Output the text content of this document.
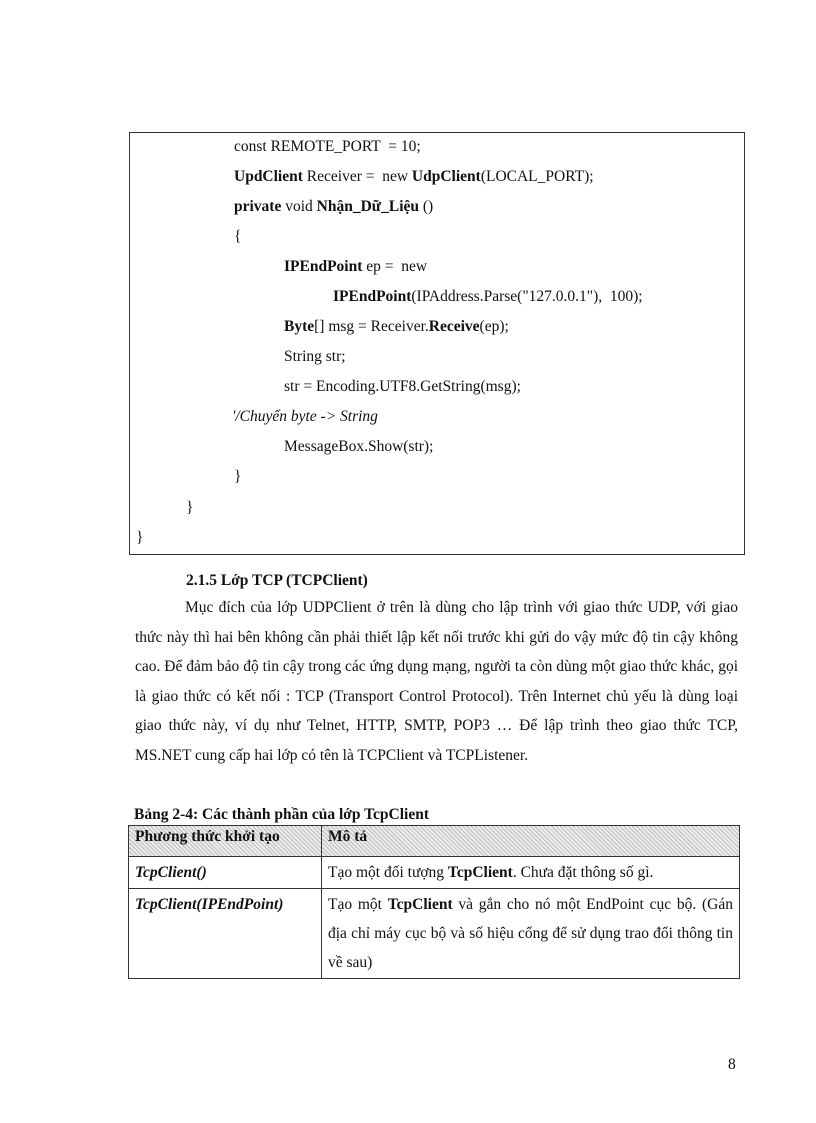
const REMOTE_PORT  = 10;
UpdClient Receiver =  new UdpClient(LOCAL_PORT);
private void Nhận_Dữ_Liệu ()
{
IPEndPoint ep =  new
IPEndPoint(IPAddress.Parse("127.0.0.1"),  100);
Byte[] msg = Receiver.Receive(ep);
String str;
str = Encoding.UTF8.GetString(msg);
'/Chuyển byte -> String
MessageBox.Show(str);
}
}
}
2.1.5 Lớp TCP (TCPClient)

Mục đích của lớp UDPClient ở trên là dùng cho lập trình với giao thức UDP, với giao thức này thì hai bên không cần phải thiết lập kết nối trước khi gửi do vậy mức độ tin cậy không cao. Để đảm bảo độ tin cậy trong các ứng dụng mạng, người ta còn dùng một giao thức khác, gọi là giao thức có kết nối : TCP (Transport Control Protocol). Trên Internet chủ yếu là dùng loại giao thức này, ví dụ như Telnet, HTTP, SMTP, POP3 … Để lập trình theo giao thức TCP, MS.NET cung cấp hai lớp có tên là TCPClient và TCPListener.

Bảng 2-4: Các thành phần của lớp TcpClient
Phương thức khởi tạo	Mô tả
TcpClient()	Tạo một đối tượng TcpClient. Chưa đặt thông số gì.
TcpClient(IPEndPoint)	Tạo một TcpClient và gắn cho nó một EndPoint cục bộ. (Gán địa chỉ máy cục bộ và số hiệu cổng để sử dụng trao đổi thông tin về sau)
8
